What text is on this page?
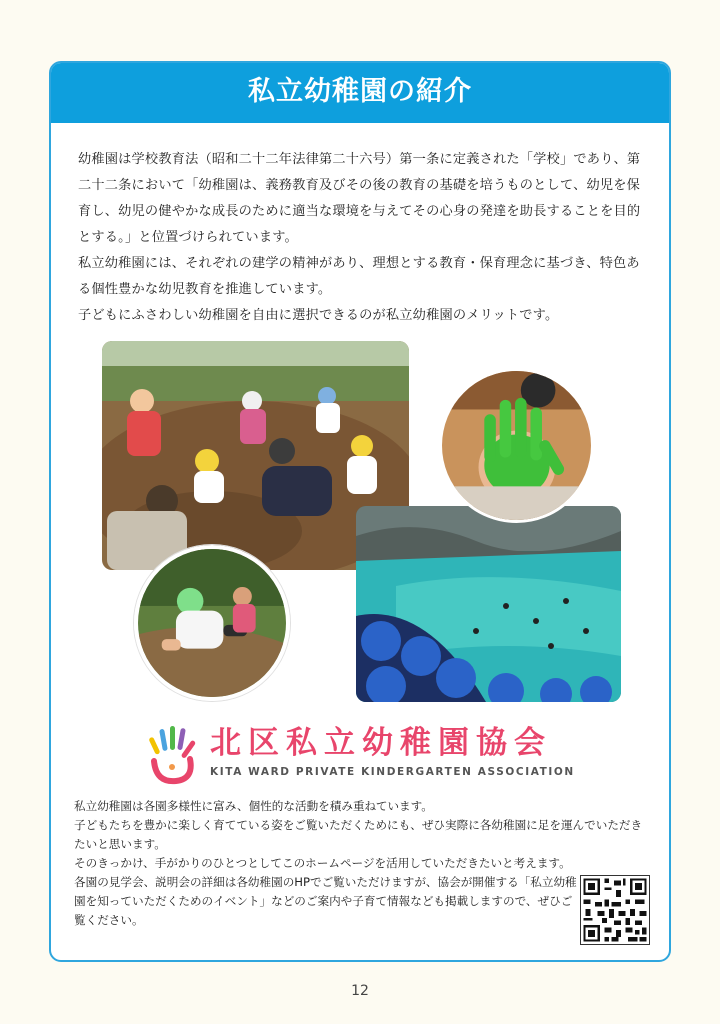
私立幼稚園の紹介

幼稚園は学校教育法（昭和二十二年法律第二十六号）第一条に定義された「学校」であり、第二十二条において「幼稚園は、義務教育及びその後の教育の基礎を培うものとして、幼児を保育し、幼児の健やかな成長のために適当な環境を与えてその心身の発達を助長することを目的とする。」と位置づけられています。

私立幼稚園には、それぞれの建学の精神があり、理想とする教育・保育理念に基づき、特色ある個性豊かな幼児教育を推進しています。

子どもにふさわしい幼稚園を自由に選択できるのが私立幼稚園のメリットです。

北区私立幼稚園協会
KITA WARD PRIVATE KINDERGARTEN ASSOCIATION

私立幼稚園は各園多様性に富み、個性的な活動を積み重ねています。

子どもたちを豊かに楽しく育てている姿をご覧いただくためにも、ぜひ実際に各幼稚園に足を運んでいただきたいと思います。

そのきっかけ、手がかりのひとつとしてこのホームページを活用していただきたいと考えます。

各園の見学会、説明会の詳細は各幼稚園のHPでご覧いただけますが、協会が開催する「私立幼稚園を知っていただくためのイベント」などのご案内や子育て情報なども掲載しますので、ぜひご覧ください。

12
